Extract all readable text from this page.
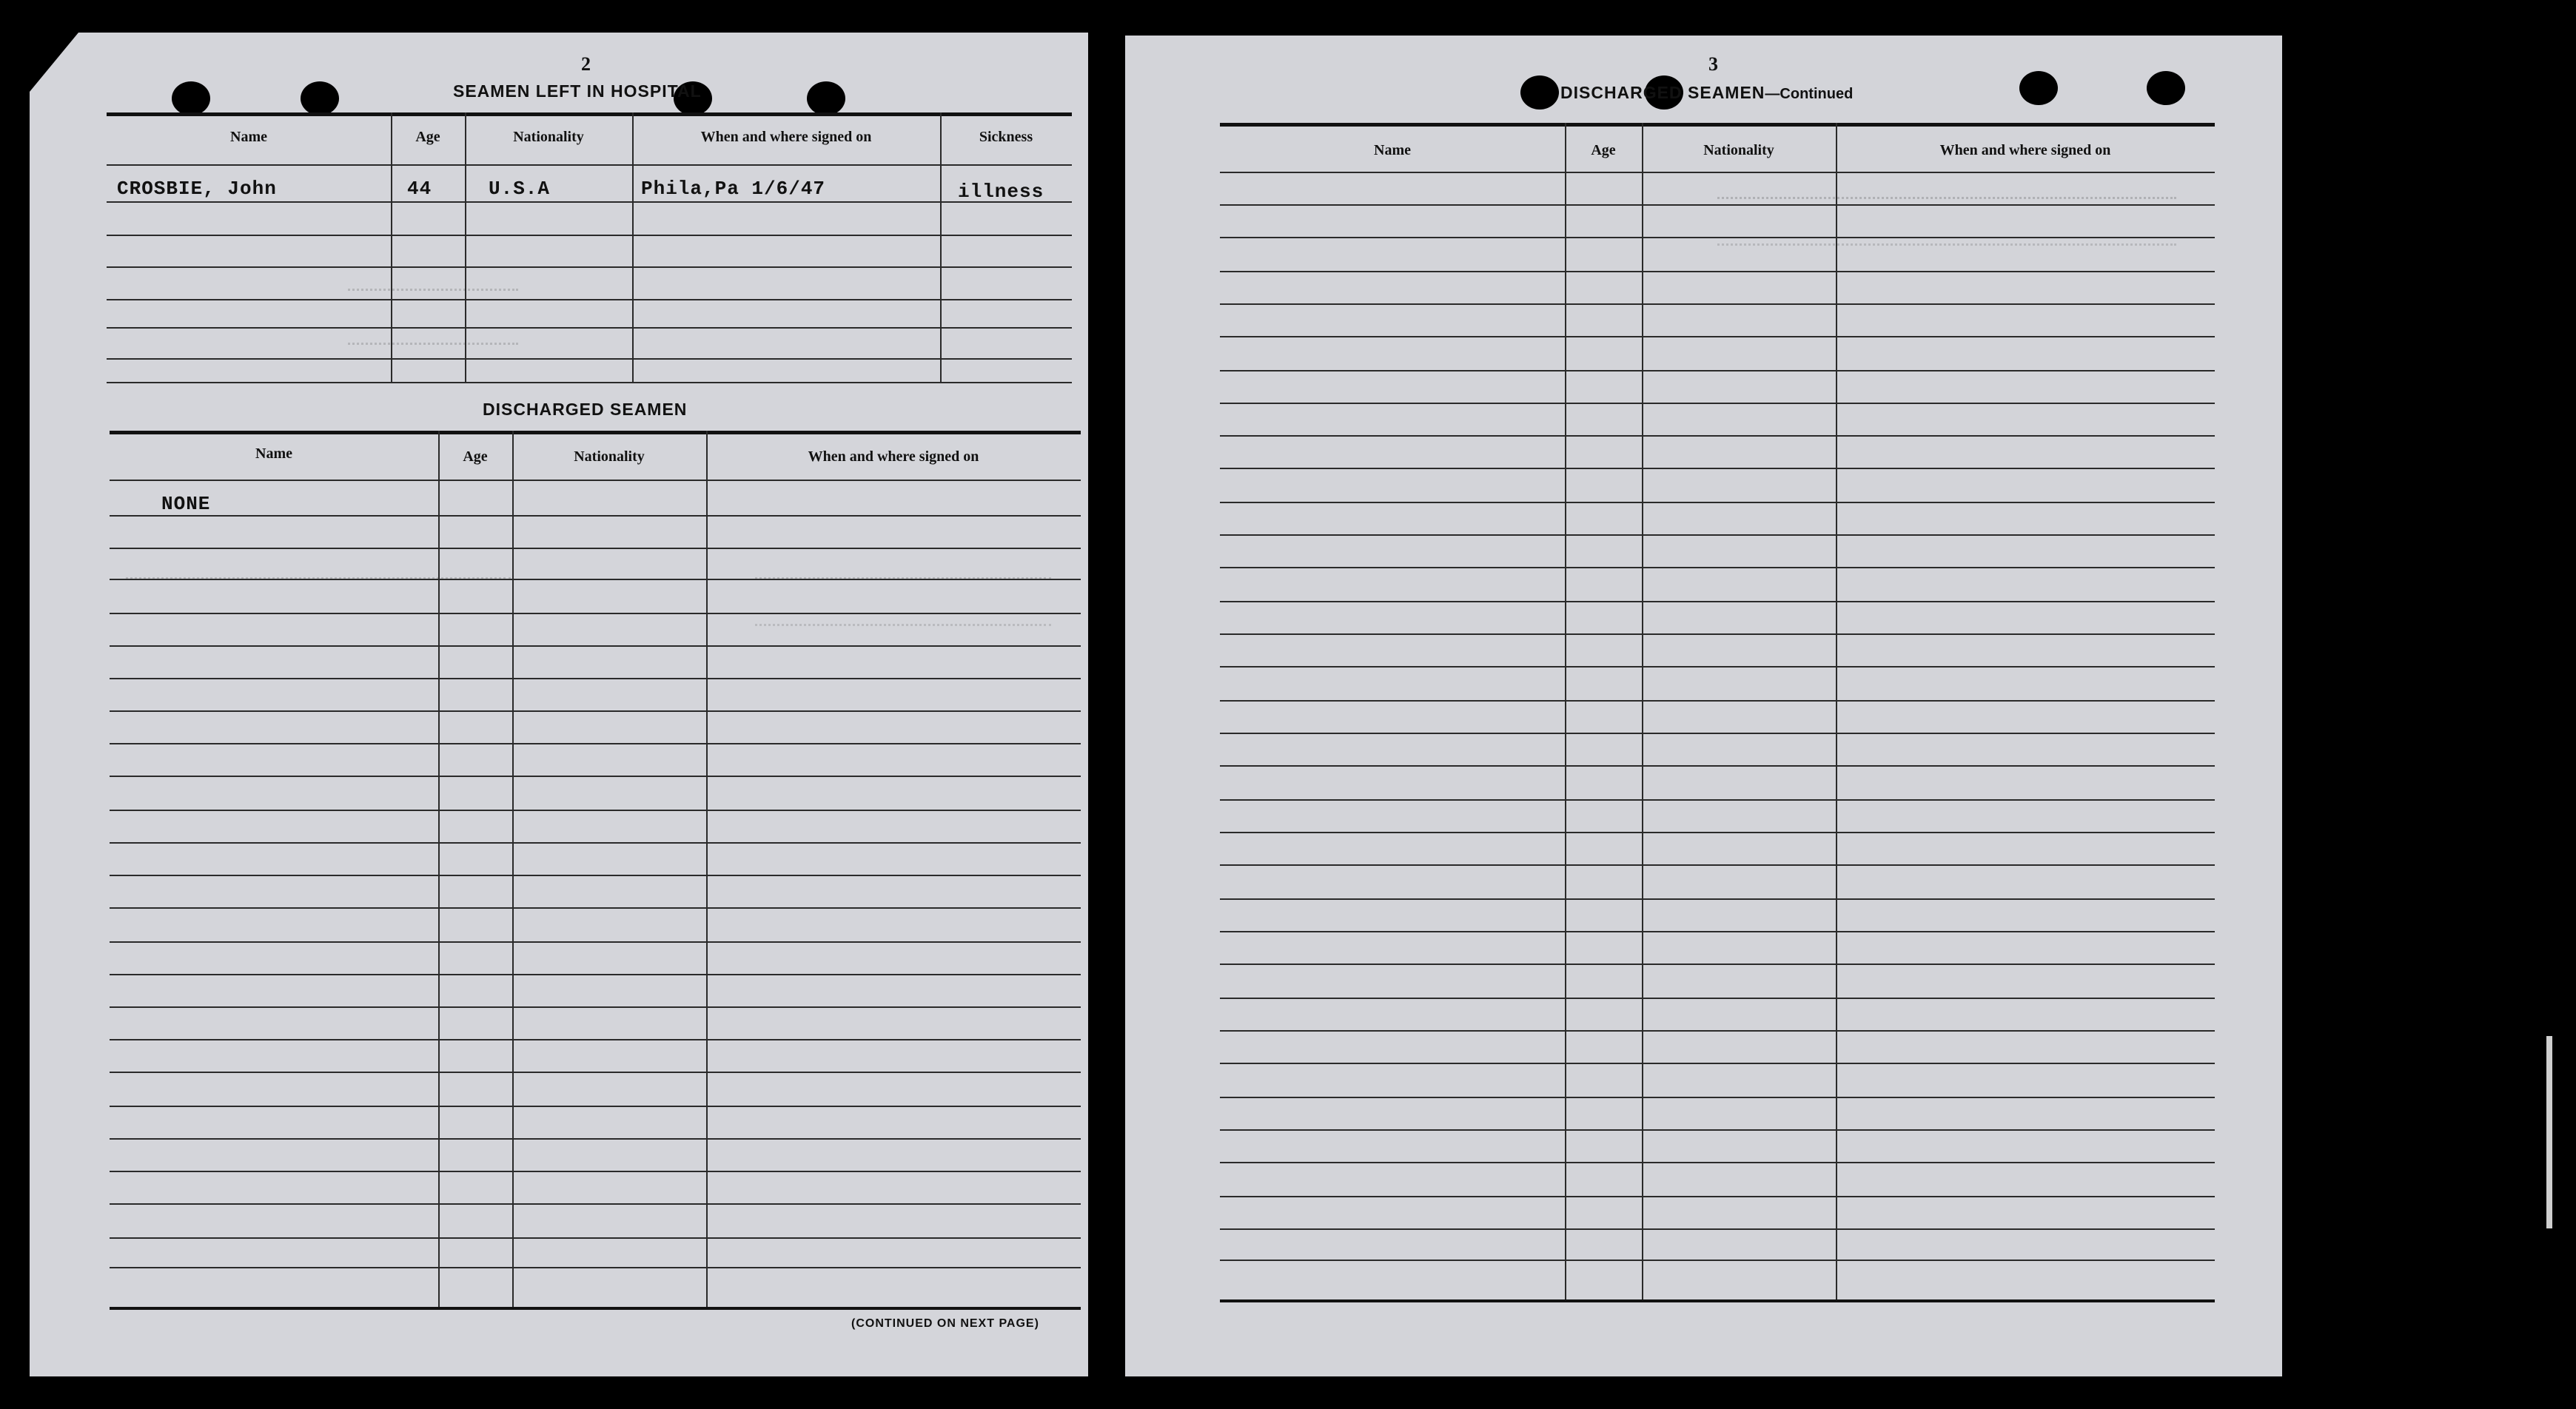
2
SEAMEN LEFT IN HOSPITAL
Name	Age	Nationality	When and where signed on	Sickness
CROSBIE, John	44	U.S.A	Phila,Pa 1/6/47	illness
DISCHARGED SEAMEN
Name	Age	Nationality	When and where signed on
NONE
(CONTINUED ON NEXT PAGE)
3
DISCHARGED SEAMEN—Continued
Name	Age	Nationality	When and where signed on
